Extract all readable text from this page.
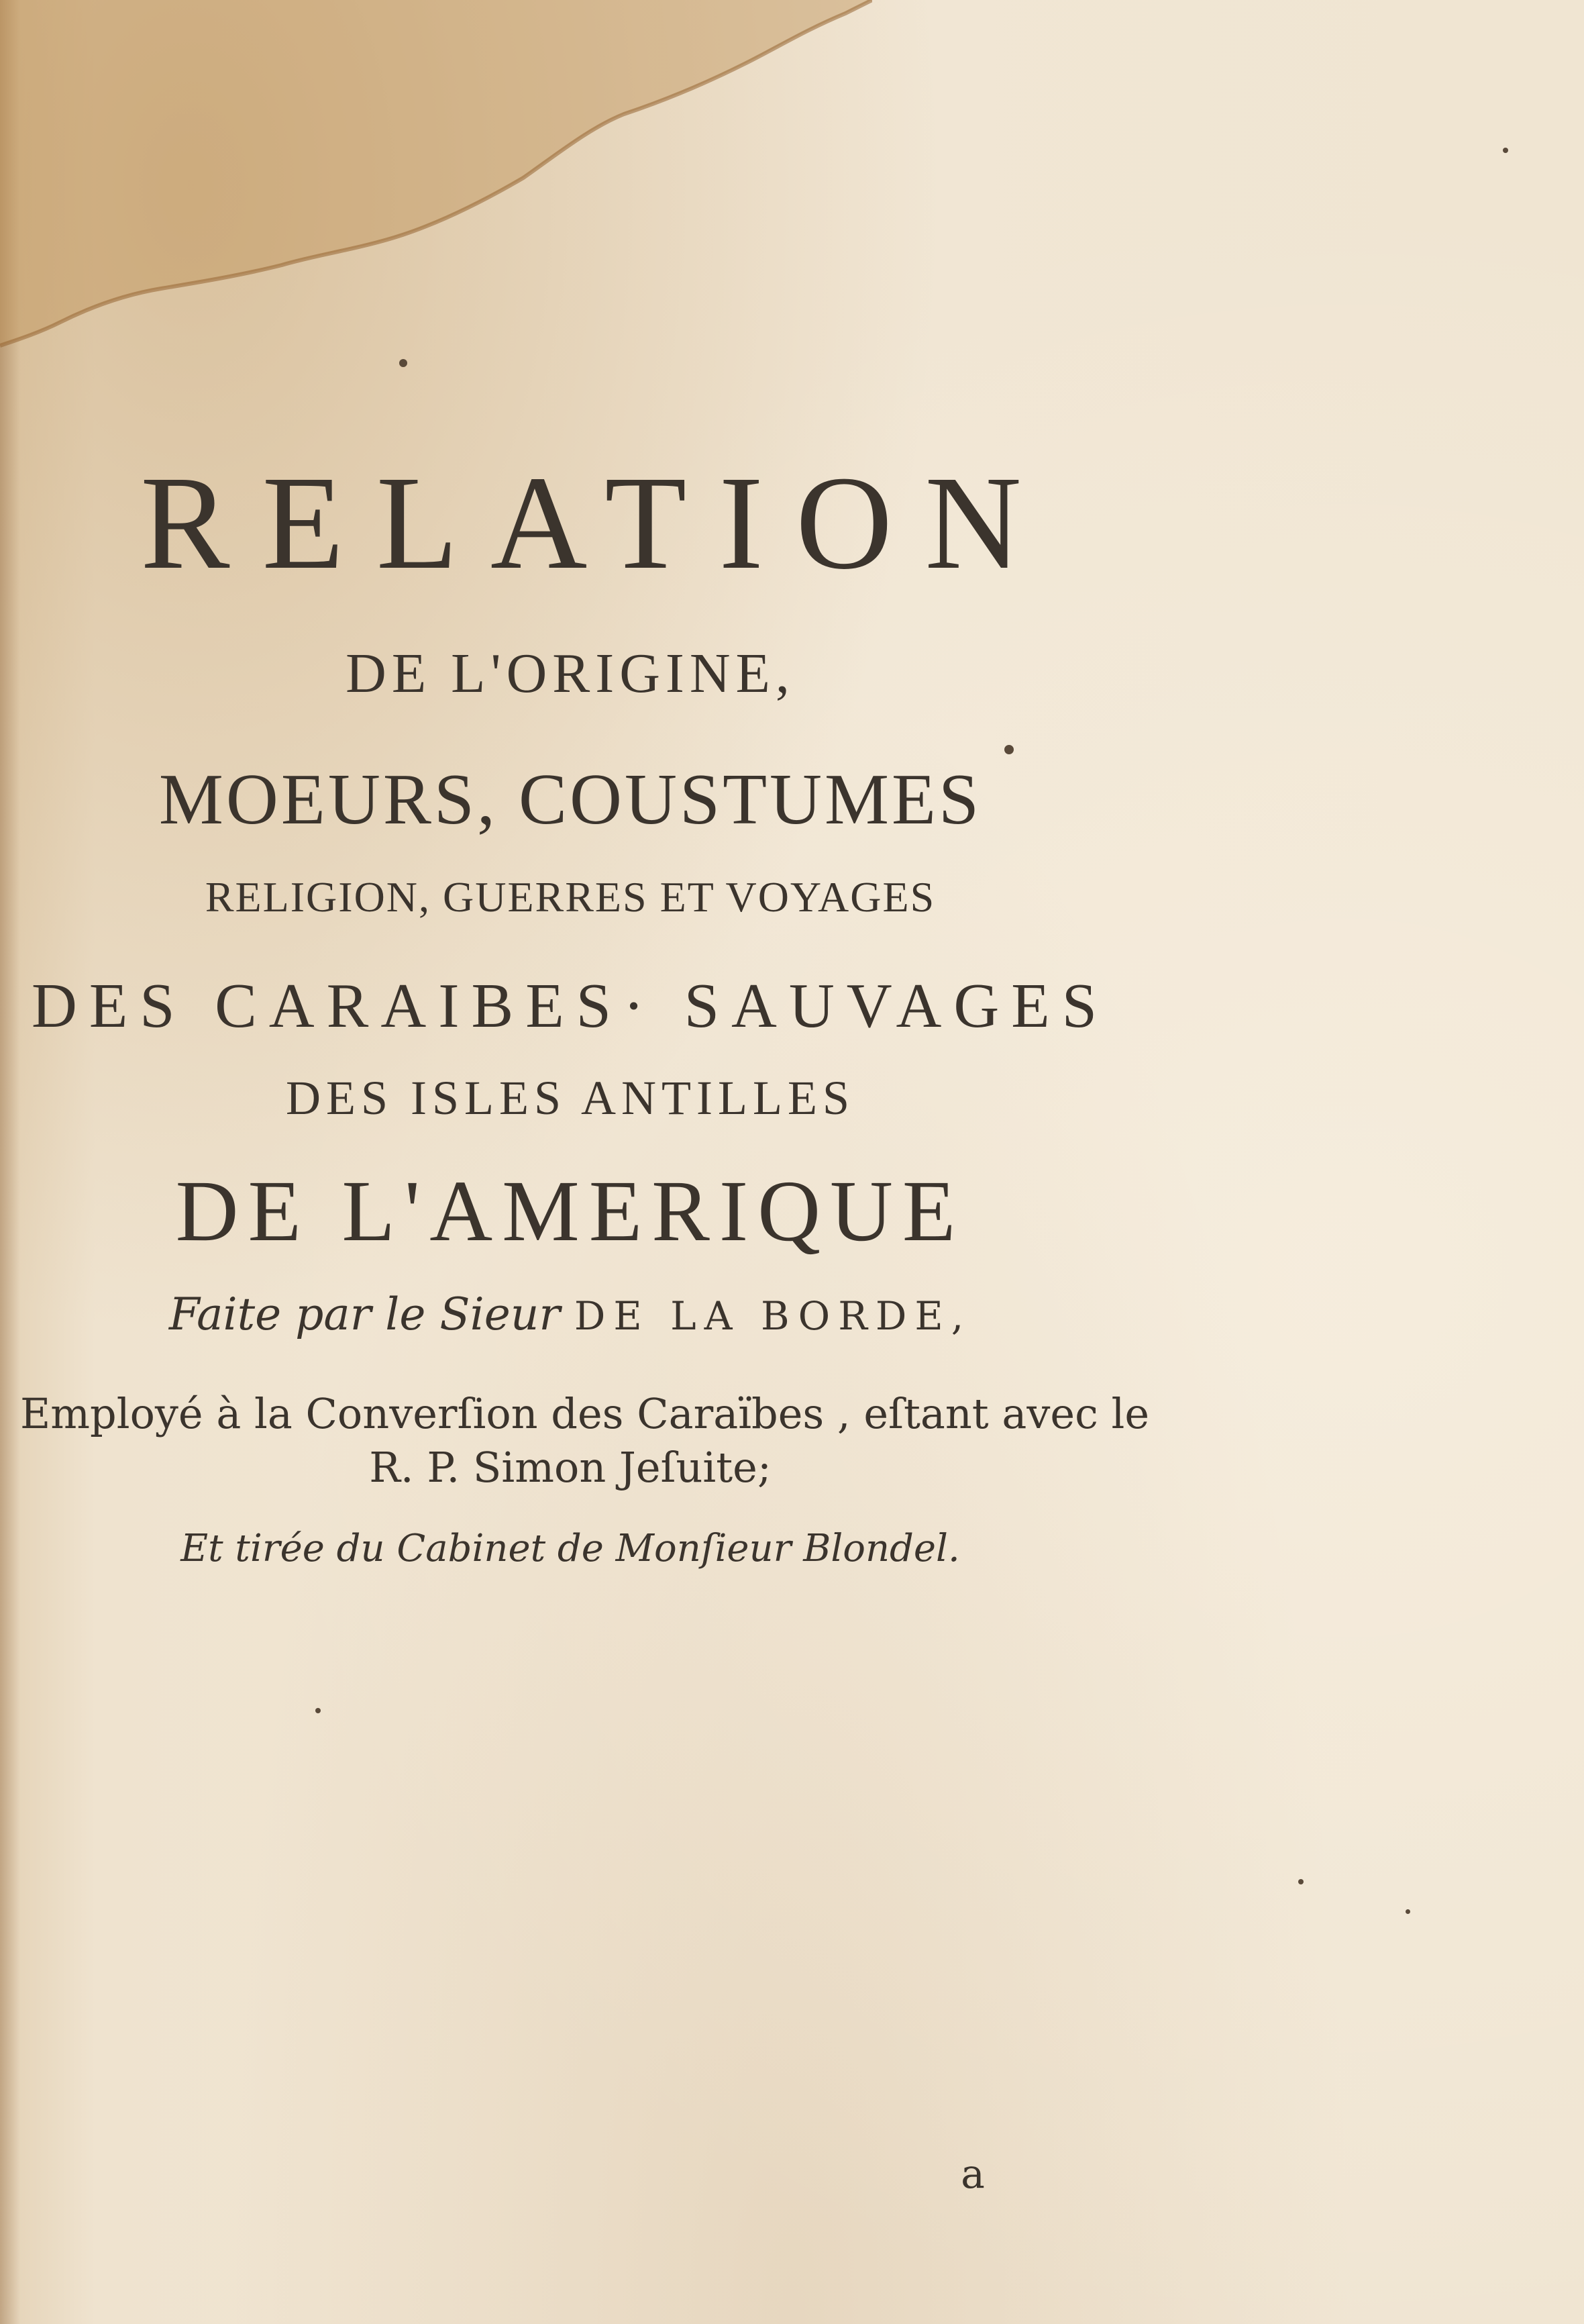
RELATION
DE L'ORIGINE,
MOEURS, COUSTUMES
RELIGION, GUERRES ET VOYAGES
DES CARAIBES· SAUVAGES
DES ISLES ANTILLES
DE L'AMERIQUE
Faite par le Sieur DE LA BORDE,
Employé à la Converſion des Caraïbes , eſtant avec le
R. P. Simon Jeſuite;
Et tirée du Cabinet de Monſieur Blondel.
a
